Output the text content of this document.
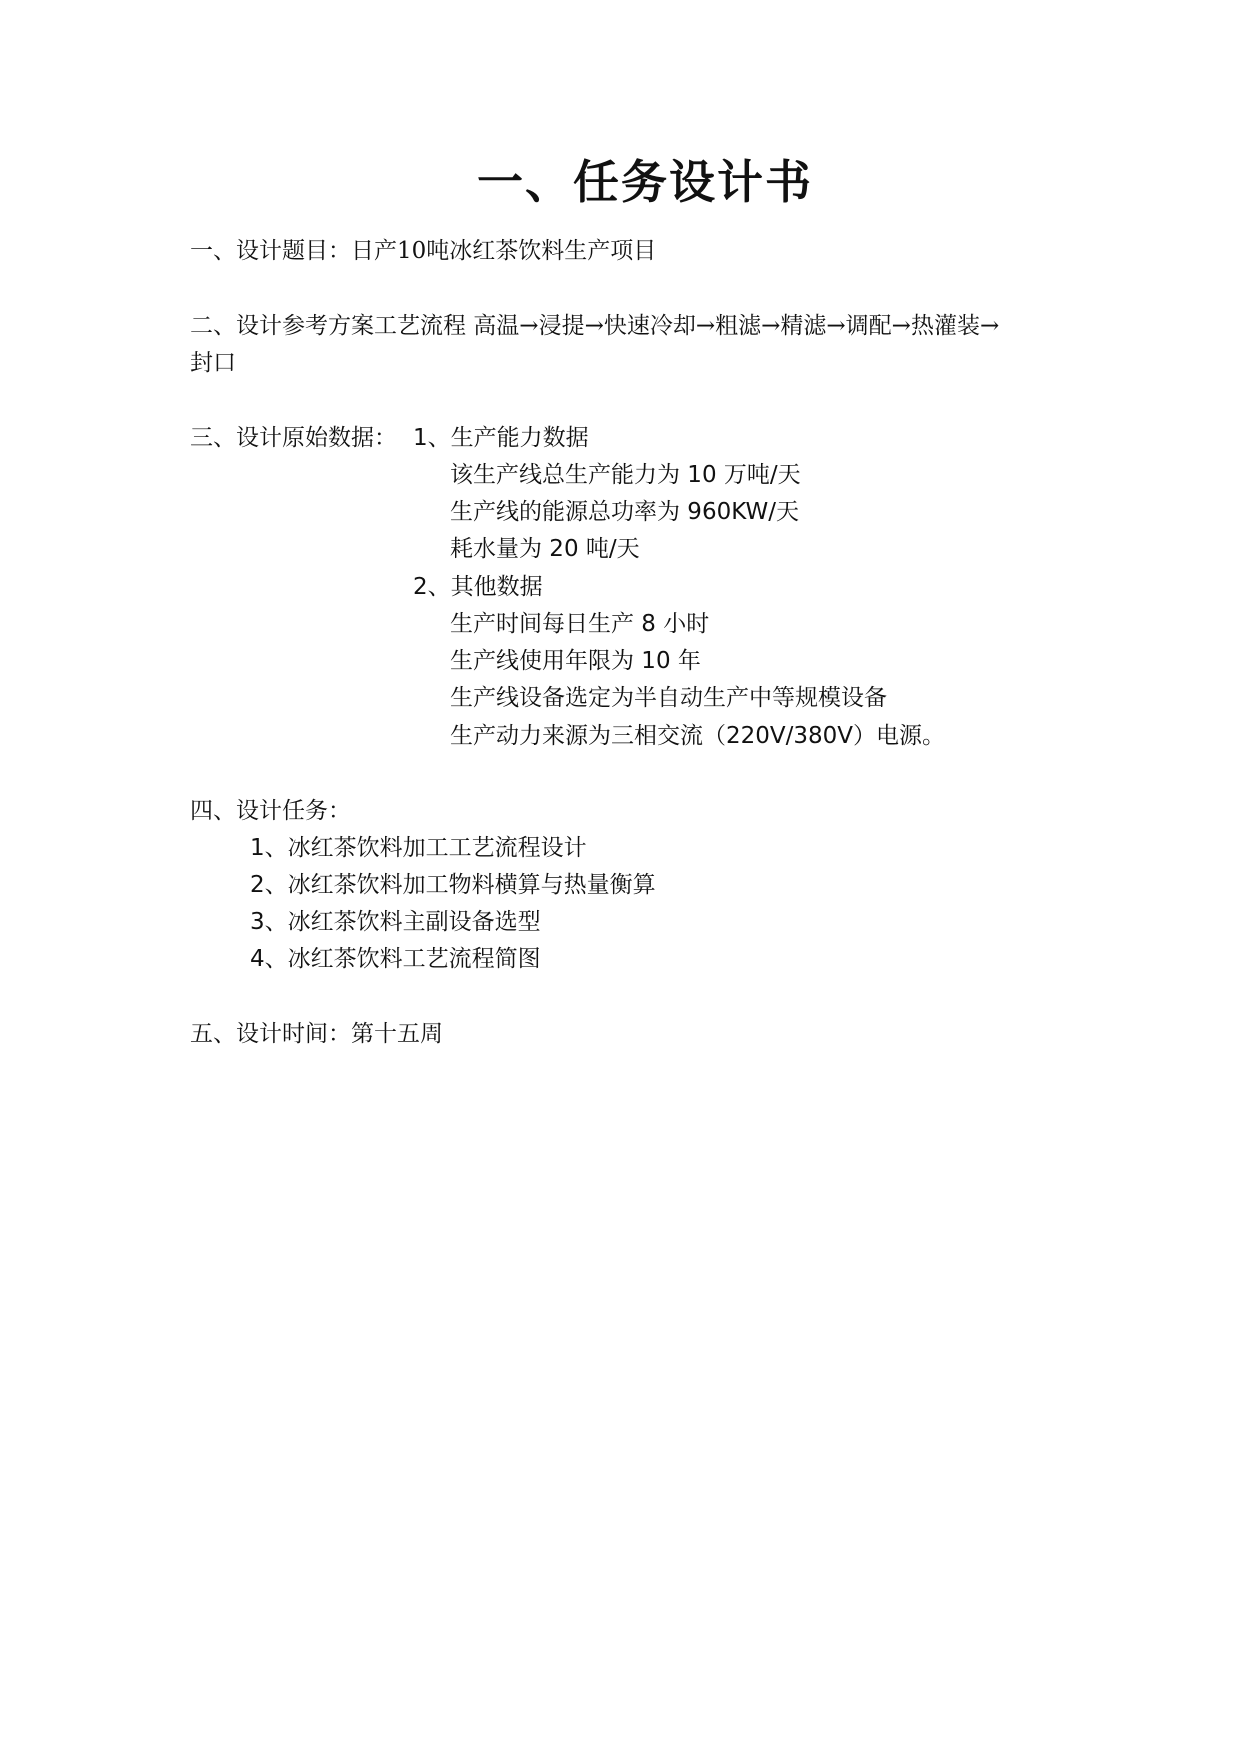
一、任务设计书
一、设计题目：日产10吨冰红茶饮料生产项目
二、设计参考方案工艺流程 高温→浸提→快速冷却→粗滤→精滤→调配→热灌装→
封口
三、设计原始数据： 1、生产能力数据
该生产线总生产能力为 10 万吨/天
生产线的能源总功率为 960KW/天
耗水量为 20 吨/天
2、其他数据
生产时间每日生产 8 小时
生产线使用年限为 10 年
生产线设备选定为半自动生产中等规模设备
生产动力来源为三相交流（220V/380V）电源。
四、设计任务：
1、冰红茶饮料加工工艺流程设计
2、冰红茶饮料加工物料横算与热量衡算
3、冰红茶饮料主副设备选型
4、冰红茶饮料工艺流程简图
五、设计时间：第十五周
